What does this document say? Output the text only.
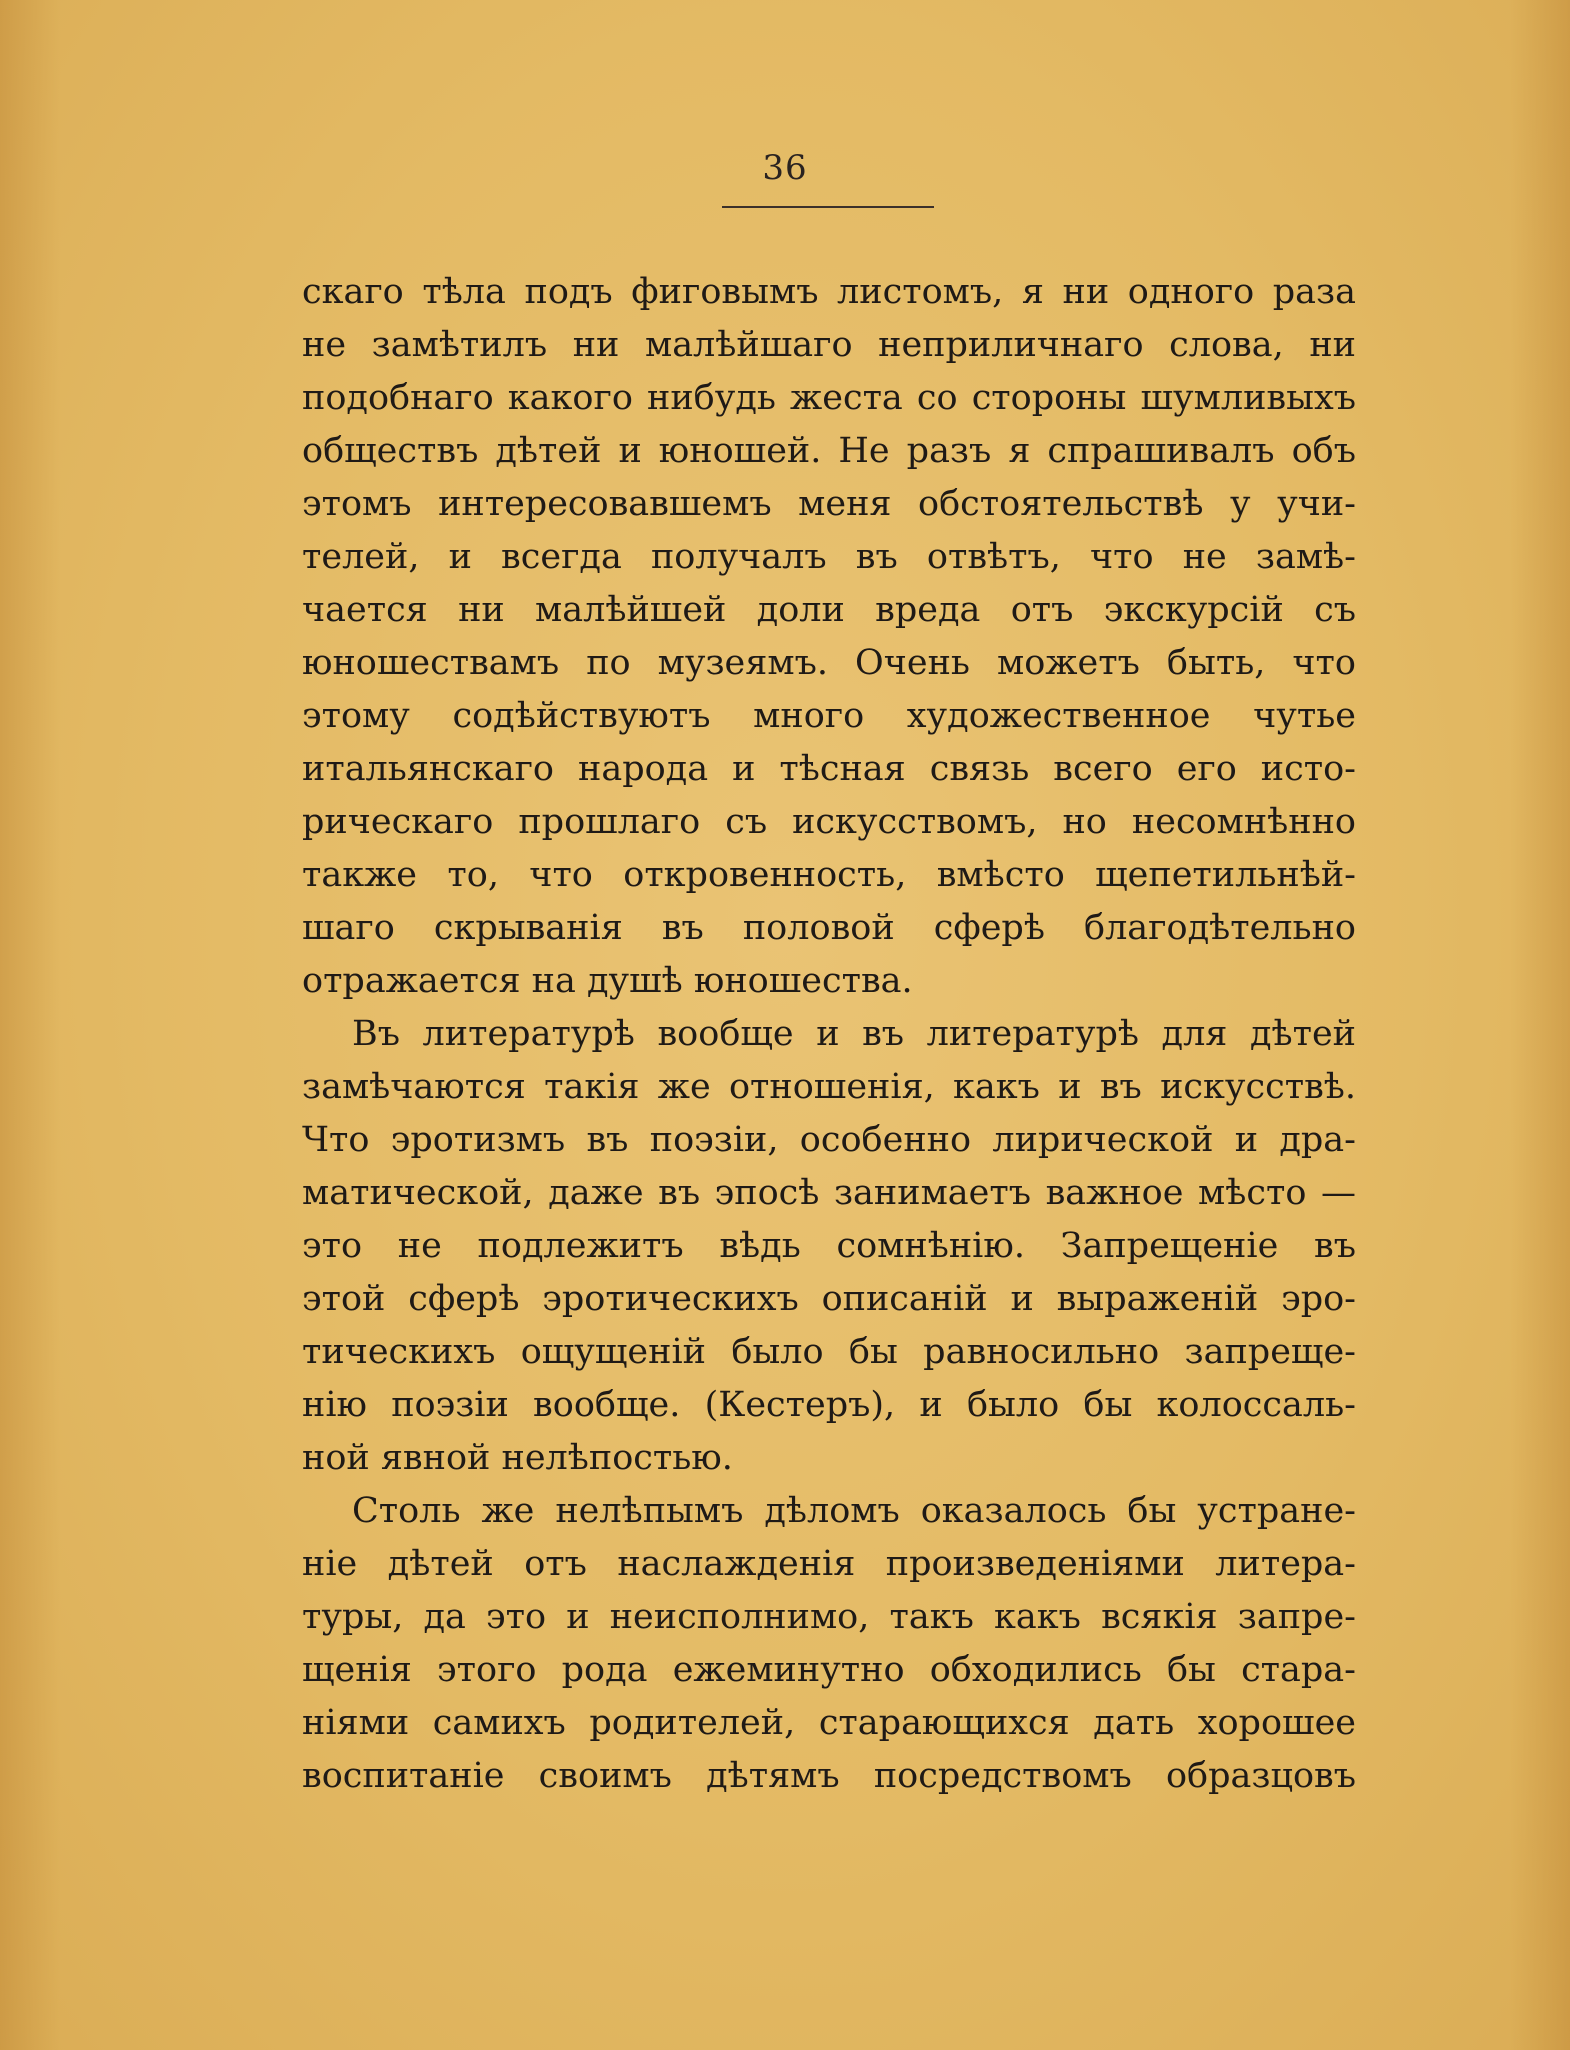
36
скаго тѣла подъ фиговымъ листомъ, я ни одного раза
не замѣтилъ ни малѣйшаго неприличнаго слова, ни
подобнаго какого нибудь жеста со стороны шумливыхъ
обществъ дѣтей и юношей. Не разъ я спрашивалъ объ
этомъ интересовавшемъ меня обстоятельствѣ у учи-
телей, и всегда получалъ въ отвѣтъ, что не замѣ-
чается ни малѣйшей доли вреда отъ экскурсій съ
юношествамъ по музеямъ. Очень можетъ быть, что
этому содѣйствуютъ много художественное чутье
итальянскаго народа и тѣсная связь всего его исто-
рическаго прошлаго съ искусствомъ, но несомнѣнно
также то, что откровенность, вмѣсто щепетильнѣй-
шаго скрыванія въ половой сферѣ благодѣтельно
отражается на душѣ юношества.
Въ литературѣ вообще и въ литературѣ для дѣтей
замѣчаются такія же отношенія, какъ и въ искусствѣ.
Что эротизмъ въ поэзіи, особенно лирической и дра-
матической, даже въ эпосѣ занимаетъ важное мѣсто —
это не подлежитъ вѣдь сомнѣнію. Запрещеніе въ
этой сферѣ эротическихъ описаній и выраженій эро-
тическихъ ощущеній было бы равносильно запреще-
нію поэзіи вообще. (Кестеръ), и было бы колоссаль-
ной явной нелѣпостью.
Столь же нелѣпымъ дѣломъ оказалось бы устране-
ніе дѣтей отъ наслажденія произведеніями литера-
туры, да это и неисполнимо, такъ какъ всякія запре-
щенія этого рода ежеминутно обходились бы стара-
ніями самихъ родителей, старающихся дать хорошее
воспитаніе своимъ дѣтямъ посредствомъ образцовъ
